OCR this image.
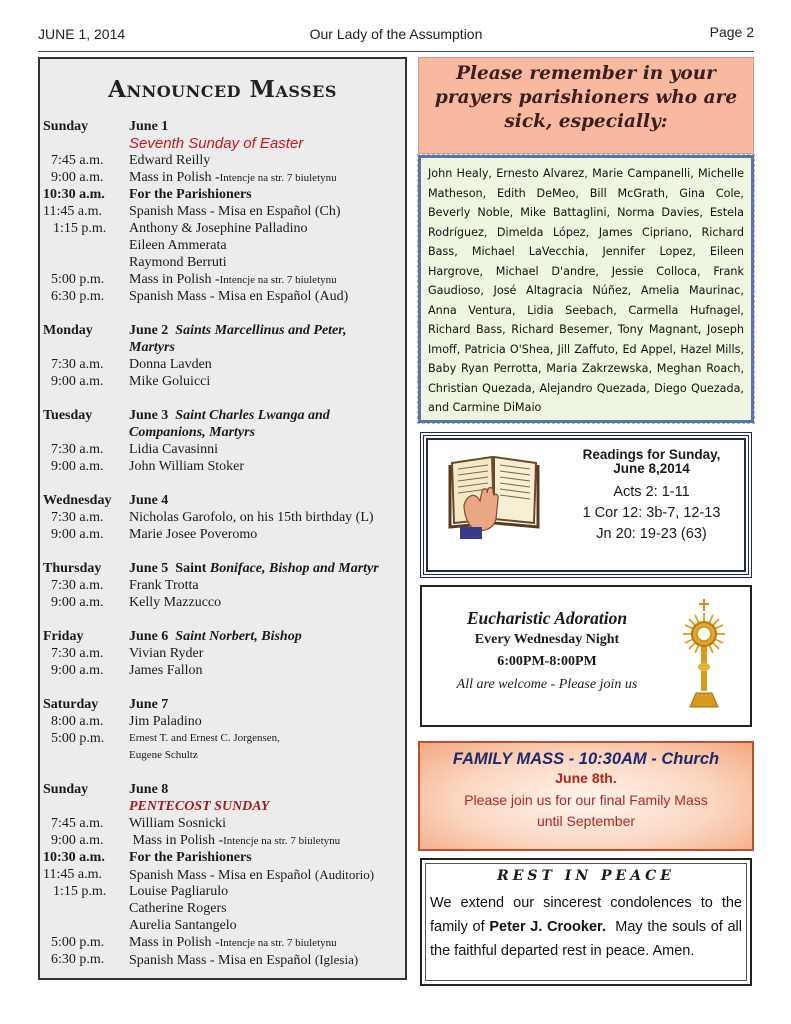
JUNE 1, 2014	Our Lady of the Assumption	Page 2
Announced Masses
Sunday	June 1
Seventh Sunday of Easter
7:45 a.m.	Edward Reilly
9:00 a.m.	Mass in Polish -Intencje na str. 7 biuletynu
10:30 a.m.	For the Parishioners
11:45 a.m.	Spanish Mass - Misa en Español (Ch)
1:15 p.m.	Anthony & Josephine Palladino
Eileen Ammerata
Raymond Berruti
5:00 p.m.	Mass in Polish -Intencje na str. 7 biuletynu
6:30 p.m.	Spanish Mass - Misa en Español (Aud)
Monday	June 2 Saints Marcellinus and Peter,
Martyrs
7:30 a.m.	Donna Lavden
9:00 a.m.	Mike Goluicci
Tuesday	June 3 Saint Charles Lwanga and
Companions, Martyrs
7:30 a.m.	Lidia Cavasinni
9:00 a.m.	John William Stoker
Wednesday	June 4
7:30 a.m.	Nicholas Garofolo, on his 15th birthday (L)
9:00 a.m.	Marie Josee Poveromo
Thursday	June 5 Saint Boniface, Bishop and Martyr
7:30 a.m.	Frank Trotta
9:00 a.m.	Kelly Mazzucco
Friday	June 6 Saint Norbert, Bishop
7:30 a.m.	Vivian Ryder
9:00 a.m.	James Fallon
Saturday	June 7
8:00 a.m.	Jim Paladino
5:00 p.m.	Ernest T. and Ernest C. Jorgensen,
Eugene Schultz
Sunday	June 8
PENTECOST SUNDAY
7:45 a.m.	William Sosnicki
9:00 a.m.	Mass in Polish -Intencje na str. 7 biuletynu
10:30 a.m.	For the Parishioners
11:45 a.m.	Spanish Mass - Misa en Español (Auditorio)
1:15 p.m.	Louise Pagliarulo
Catherine Rogers
Aurelia Santangelo
5:00 p.m.	Mass in Polish -Intencje na str. 7 biuletynu
6:30 p.m.	Spanish Mass - Misa en Español (Iglesia)
Please remember in your prayers parishioners who are sick, especially:
John Healy, Ernesto Alvarez, Marie Campanelli, Michelle Matheson, Edith DeMeo, Bill McGrath, Gina Cole, Beverly Noble, Mike Battaglini, Norma Davies, Estela Rodríguez, Dimelda López, James Cipriano, Richard Bass, Michael LaVecchia, Jennifer Lopez, Eileen Hargrove, Michael D'andre, Jessie Colloca, Frank Gaudioso, José Altagracia Núñez, Amelia Maurinac, Anna Ventura, Lidia Seebach, Carmella Hufnagel, Richard Bass, Richard Besemer, Tony Magnant, Joseph Imoff, Patricia O'Shea, Jill Zaffuto, Ed Appel, Hazel Mills, Baby Ryan Perrotta, Maria Zakrzewska, Meghan Roach, Christian Quezada, Alejandro Quezada, Diego Quezada, and Carmine DiMaio
Readings for Sunday,
June 8,2014
Acts 2: 1-11
1 Cor 12: 3b-7, 12-13
Jn 20: 19-23 (63)
Eucharistic Adoration
Every Wednesday Night
6:00PM-8:00PM
All are welcome - Please join us
FAMILY MASS - 10:30AM - Church
June 8th.
Please join us for our final Family Mass
until September
REST IN PEACE
We extend our sincerest condolences to the family of Peter J. Crooker. May the souls of all the faithful departed rest in peace. Amen.
